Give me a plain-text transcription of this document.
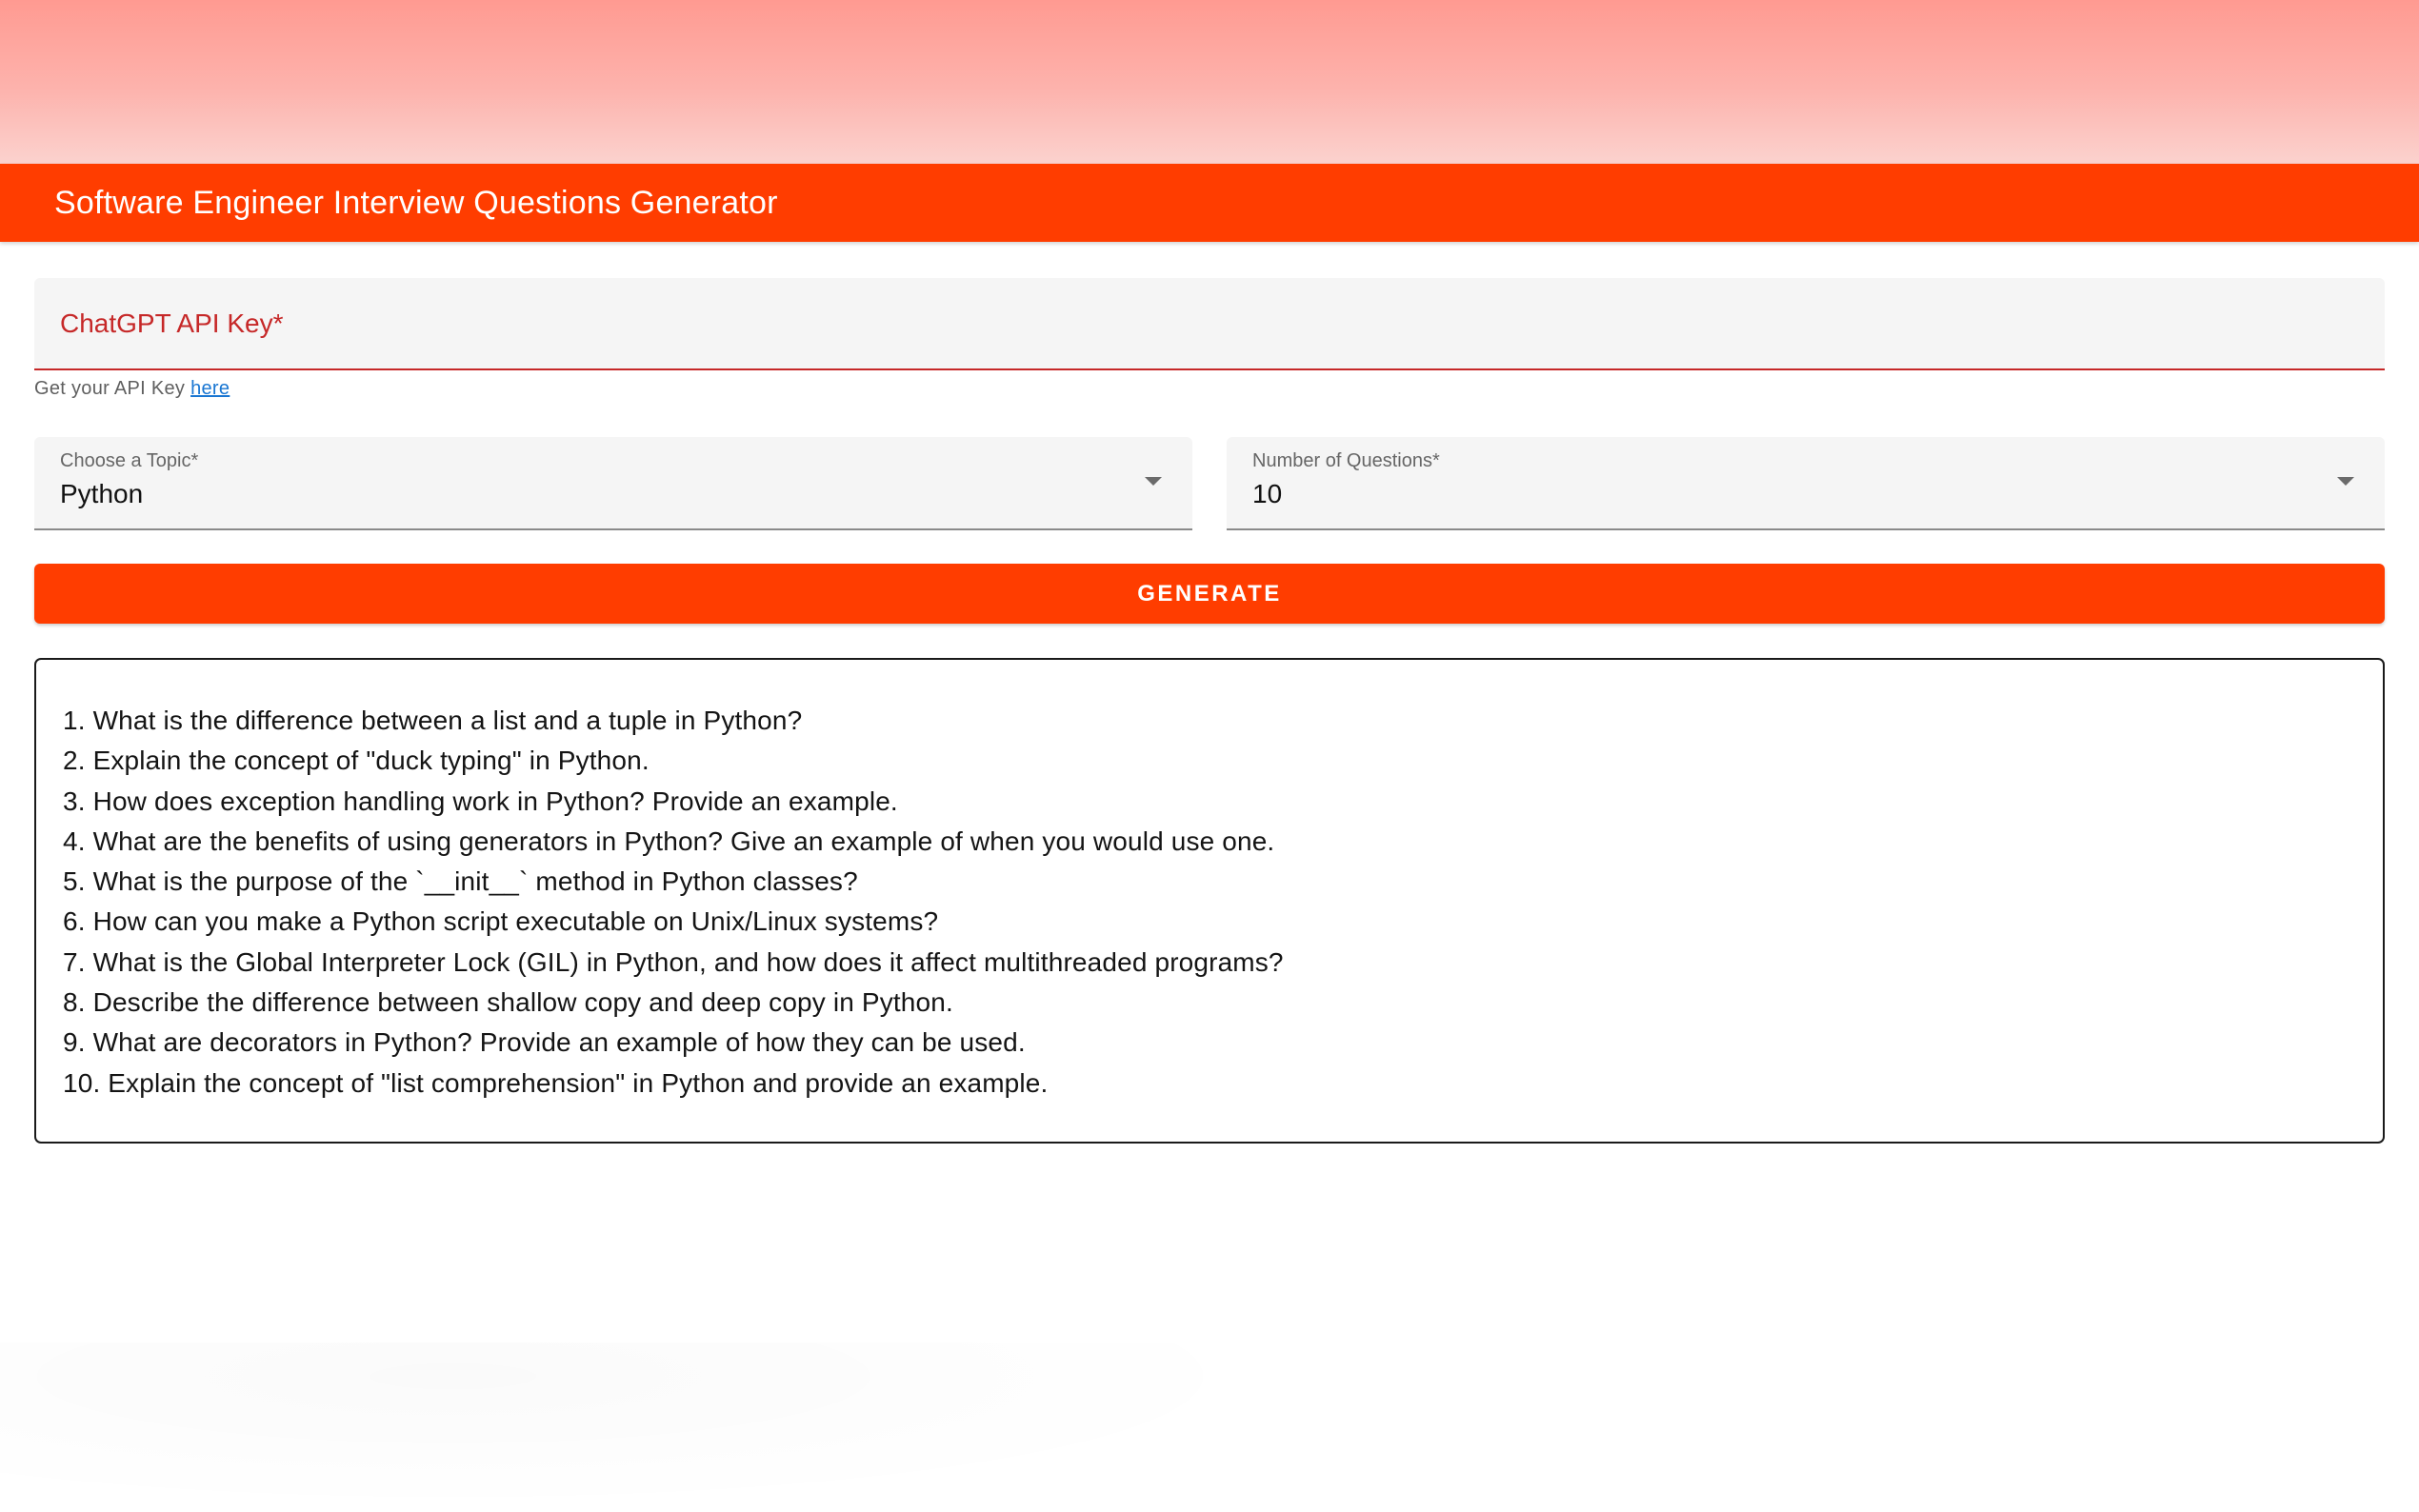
Software Engineer Interview Questions Generator
ChatGPT API Key*
Get your API Key here
Choose a Topic*
Python
Number of Questions*
10
GENERATE
1. What is the difference between a list and a tuple in Python?
2. Explain the concept of "duck typing" in Python.
3. How does exception handling work in Python? Provide an example.
4. What are the benefits of using generators in Python? Give an example of when you would use one.
5. What is the purpose of the `__init__` method in Python classes?
6. How can you make a Python script executable on Unix/Linux systems?
7. What is the Global Interpreter Lock (GIL) in Python, and how does it affect multithreaded programs?
8. Describe the difference between shallow copy and deep copy in Python.
9. What are decorators in Python? Provide an example of how they can be used.
10. Explain the concept of "list comprehension" in Python and provide an example.
